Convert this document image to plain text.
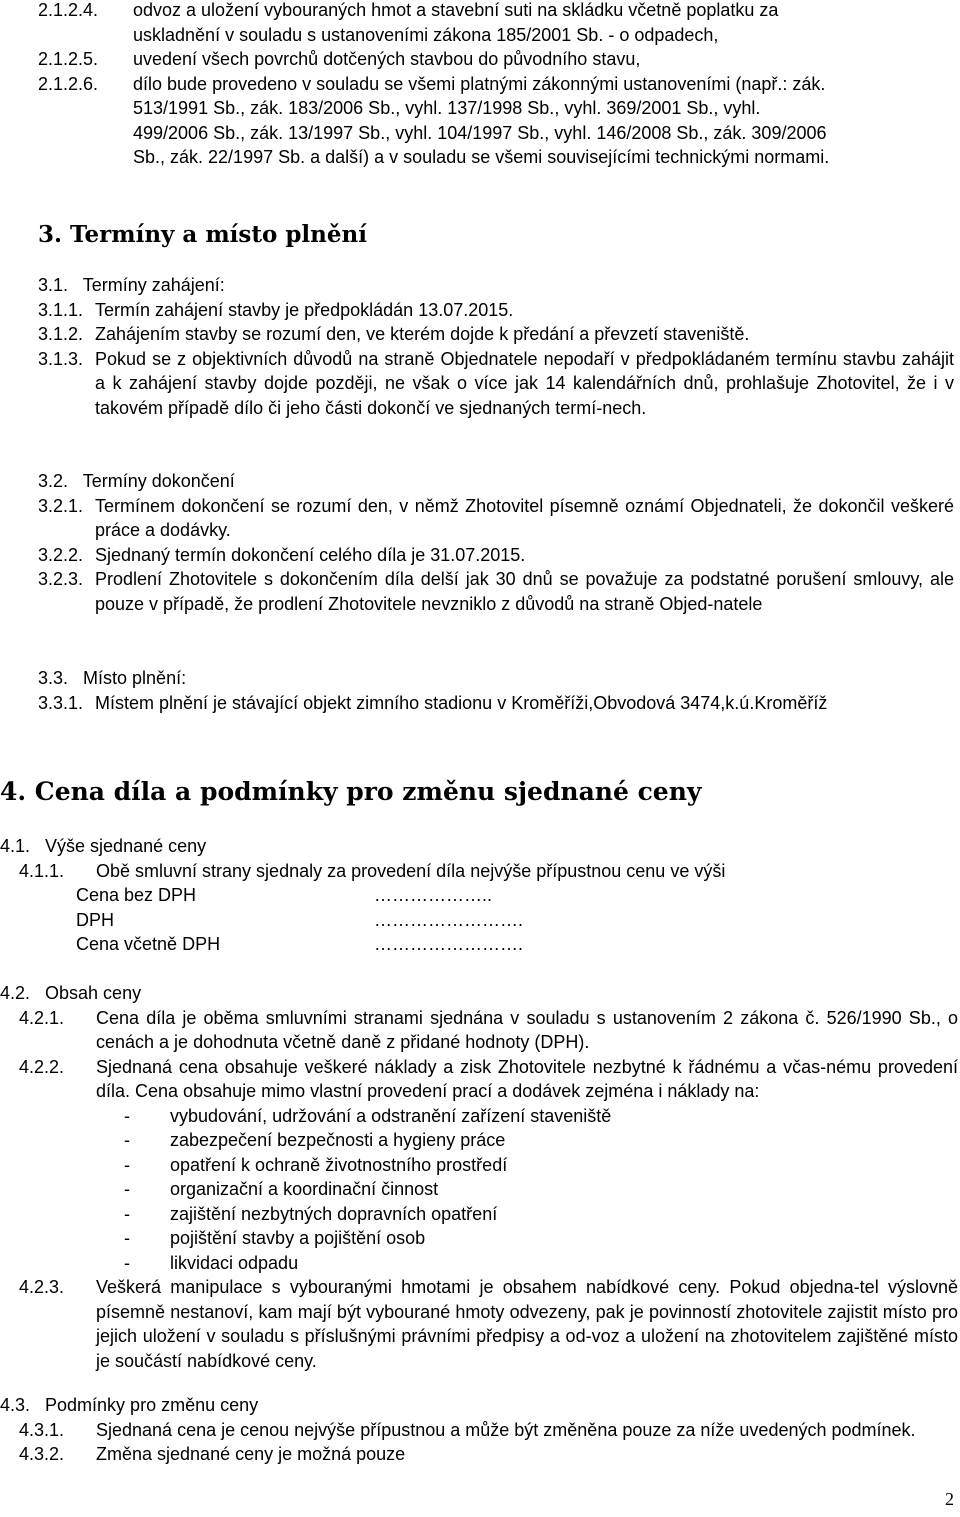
2.1.2.4.	odvoz a uložení vybouraných hmot a stavební suti na skládku včetně poplatku za
uskladnění v souladu s ustanoveními zákona 185/2001 Sb. - o odpadech,
2.1.2.5.	uvedení všech povrchů dotčených stavbou do původního stavu,
2.1.2.6.	dílo bude provedeno v souladu se všemi platnými zákonnými ustanoveními (např.: zák.
513/1991 Sb., zák. 183/2006 Sb., vyhl. 137/1998 Sb., vyhl. 369/2001 Sb., vyhl.
499/2006 Sb., zák. 13/1997 Sb., vyhl. 104/1997 Sb., vyhl. 146/2008 Sb., zák. 309/2006
Sb., zák. 22/1997 Sb. a další) a v souladu se všemi souvisejícími technickými normami.
3. Termíny a místo plnění
3.1.   Termíny zahájení:
3.1.1. Termín zahájení stavby je předpokládán 13.07.2015.
3.1.2. Zahájením stavby se rozumí den, ve kterém dojde k předání a převzetí staveniště.
3.1.3. Pokud se z objektivních důvodů na straně Objednatele nepodaří v předpokládaném termínu stavbu zahájit a k zahájení stavby dojde později, ne však o více jak 14 kalendářních dnů, prohlašuje Zhotovitel, že i v takovém případě dílo či jeho části dokončí ve sjednaných termí-nech.
3.2.   Termíny dokončení
3.2.1. Termínem dokončení se rozumí den, v němž Zhotovitel písemně oznámí Objednateli, že dokončil veškeré práce a dodávky.
3.2.2. Sjednaný termín dokončení celého díla je 31.07.2015.
3.2.3. Prodlení Zhotovitele s dokončením díla delší jak 30 dnů se považuje za podstatné porušení smlouvy, ale pouze v případě, že prodlení Zhotovitele nevzniklo z důvodů na straně Objed-natele
3.3.   Místo plnění:
3.3.1. Místem plnění je stávající objekt zimního stadionu v Kroměříži,Obvodová 3474,k.ú.Kroměříž
4. Cena díla a podmínky pro změnu sjednané ceny
4.1.   Výše sjednané ceny
4.1.1.	Obě smluvní strany sjednaly za provedení díla nejvýše přípustnou cenu ve výši
Cena bez DPH	………………..
DPH	…………………….
Cena včetně DPH	…………………….
4.2.   Obsah ceny
4.2.1.	Cena díla je oběma smluvními stranami sjednána v souladu s ustanovením 2 zákona č. 526/1990 Sb., o cenách a je dohodnuta včetně daně z přidané hodnoty (DPH).
4.2.2.	Sjednaná cena obsahuje veškeré náklady a zisk Zhotovitele nezbytné k řádnému a včas-nému provedení díla. Cena obsahuje mimo vlastní provedení prací a dodávek zejména i náklady na:
-	vybudování, udržování a odstranění zařízení staveniště
-	zabezpečení bezpečnosti a hygieny práce
-	opatření k ochraně životnostního prostředí
-	organizační a koordinační činnost
-	zajištění nezbytných dopravních opatření
-	pojištění stavby a pojištění osob
-	likvidaci odpadu
4.2.3.	Veškerá manipulace s vybouranými hmotami je obsahem nabídkové ceny. Pokud objedna-tel výslovně písemně nestanoví, kam mají být vybourané hmoty odvezeny, pak je povinností zhotovitele zajistit místo pro jejich uložení v souladu s příslušnými právními předpisy a od-voz a uložení na zhotovitelem zajištěné místo je součástí nabídkové ceny.
4.3.   Podmínky pro změnu ceny
4.3.1.	Sjednaná cena je cenou nejvýše přípustnou a může být změněna pouze za níže uvedených podmínek.
4.3.2.	Změna sjednané ceny je možná pouze
2
